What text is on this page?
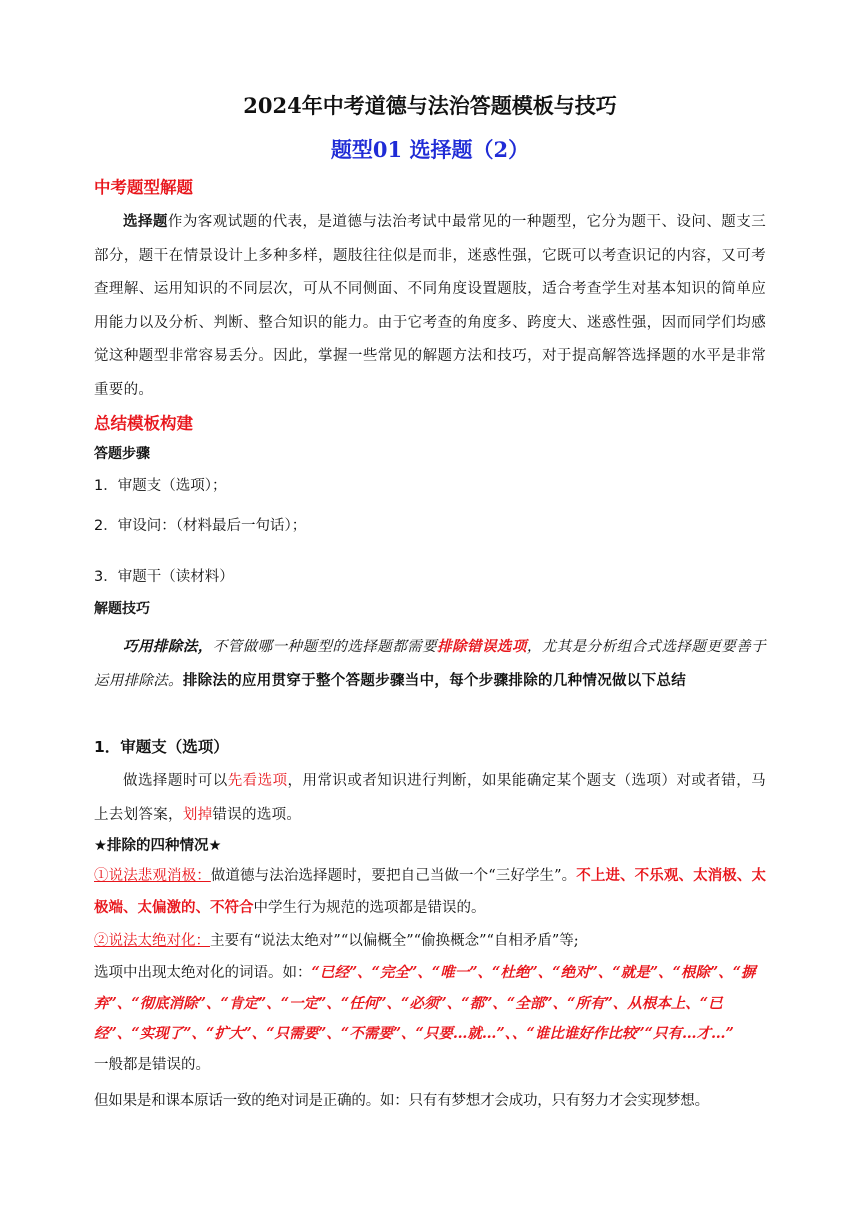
2024年中考道德与法治答题模板与技巧
题型01 选择题（2）
中考题型解题
选择题作为客观试题的代表，是道德与法治考试中最常见的一种题型，它分为题干、设问、题支三部分，题干在情景设计上多种多样，题肢往往似是而非，迷惑性强，它既可以考查识记的内容，又可考查理解、运用知识的不同层次，可从不同侧面、不同角度设置题肢，适合考查学生对基本知识的简单应用能力以及分析、判断、整合知识的能力。由于它考查的角度多、跨度大、迷惑性强，因而同学们均感觉这种题型非常容易丢分。因此，掌握一些常见的解题方法和技巧，对于提高解答选择题的水平是非常重要的。
总结模板构建
答题步骤
1．审题支（选项）；
2．审设问：（材料最后一句话）；
3．审题干（读材料）
解题技巧
巧用排除法，不管做哪一种题型的选择题都需要排除错误选项，尤其是分析组合式选择题更要善于运用排除法。排除法的应用贯穿于整个答题步骤当中，每个步骤排除的几种情况做以下总结
1．审题支（选项）
做选择题时可以先看选项，用常识或者知识进行判断，如果能确定某个题支（选项）对或者错，马上去划答案，划掉错误的选项。
★排除的四种情况★
①说法悲观消极：做道德与法治选择题时，要把自己当做一个“三好学生”。不上进、不乐观、太消极、太极端、太偏激的、不符合中学生行为规范的选项都是错误的。
②说法太绝对化：主要有“说法太绝对”“以偏概全”“偷换概念”“自相矛盾”等;
选项中出现太绝对化的词语。如：“已经”、“完全”、“唯一”、“杜绝”、“绝对”、“就是”、“根除”、“摒弃”、“彻底消除”、“肯定”、“一定”、“任何”、“必须”、“都”、“全部”、“所有”、从根本上、“已经”、“实现了”、“扩大”、“只需要”、“不需要”、“只要…就…”、、“谁比谁好作比较”“只有…才…”
一般都是错误的。
但如果是和课本原话一致的绝对词是正确的。如：只有有梦想才会成功，只有努力才会实现梦想。
